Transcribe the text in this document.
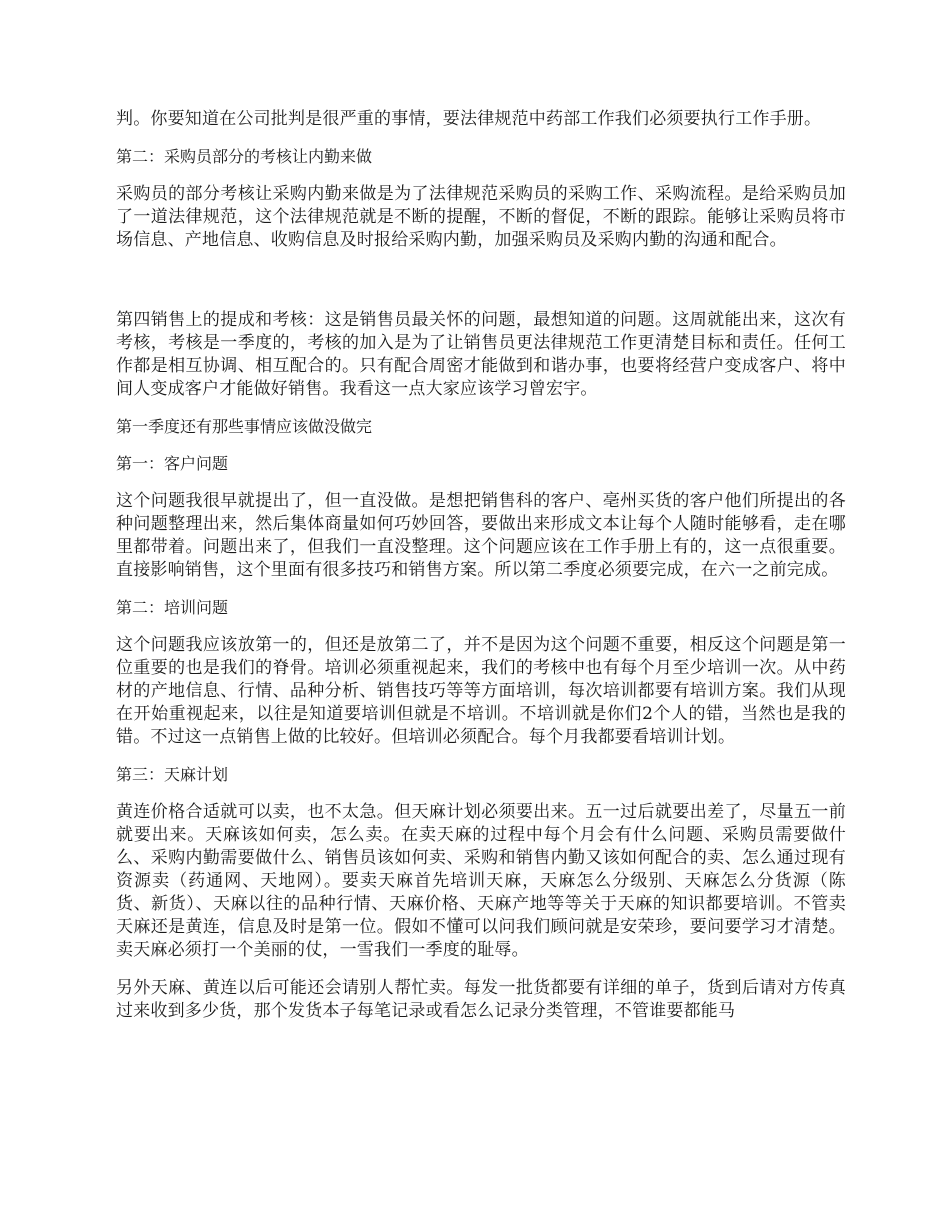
判。你要知道在公司批判是很严重的事情，要法律规范中药部工作我们必须要执行工作手册。

第二：采购员部分的考核让内勤来做

采购员的部分考核让采购内勤来做是为了法律规范采购员的采购工作、采购流程。是给采购员加了一道法律规范，这个法律规范就是不断的提醒，不断的督促，不断的跟踪。能够让采购员将市场信息、产地信息、收购信息及时报给采购内勤，加强采购员及采购内勤的沟通和配合。

第四销售上的提成和考核：这是销售员最关怀的问题，最想知道的问题。这周就能出来，这次有考核，考核是一季度的，考核的加入是为了让销售员更法律规范工作更清楚目标和责任。任何工作都是相互协调、相互配合的。只有配合周密才能做到和谐办事，也要将经营户变成客户、将中间人变成客户才能做好销售。我看这一点大家应该学习曾宏宇。

第一季度还有那些事情应该做没做完

第一：客户问题

这个问题我很早就提出了，但一直没做。是想把销售科的客户、亳州买货的客户他们所提出的各种问题整理出来，然后集体商量如何巧妙回答，要做出来形成文本让每个人随时能够看，走在哪里都带着。问题出来了，但我们一直没整理。这个问题应该在工作手册上有的，这一点很重要。直接影响销售，这个里面有很多技巧和销售方案。所以第二季度必须要完成，在六一之前完成。

第二：培训问题

这个问题我应该放第一的，但还是放第二了，并不是因为这个问题不重要，相反这个问题是第一位重要的也是我们的脊骨。培训必须重视起来，我们的考核中也有每个月至少培训一次。从中药材的产地信息、行情、品种分析、销售技巧等等方面培训，每次培训都要有培训方案。我们从现在开始重视起来，以往是知道要培训但就是不培训。不培训就是你们2个人的错，当然也是我的错。不过这一点销售上做的比较好。但培训必须配合。每个月我都要看培训计划。

第三：天麻计划

黄连价格合适就可以卖，也不太急。但天麻计划必须要出来。五一过后就要出差了，尽量五一前就要出来。天麻该如何卖，怎么卖。在卖天麻的过程中每个月会有什么问题、采购员需要做什么、采购内勤需要做什么、销售员该如何卖、采购和销售内勤又该如何配合的卖、怎么通过现有资源卖（药通网、天地网）。要卖天麻首先培训天麻，天麻怎么分级别、天麻怎么分货源（陈货、新货）、天麻以往的品种行情、天麻价格、天麻产地等等关于天麻的知识都要培训。不管卖天麻还是黄连，信息及时是第一位。假如不懂可以问我们顾问就是安荣珍，要问要学习才清楚。卖天麻必须打一个美丽的仗，一雪我们一季度的耻辱。

另外天麻、黄连以后可能还会请别人帮忙卖。每发一批货都要有详细的单子，货到后请对方传真过来收到多少货，那个发货本子每笔记录或看怎么记录分类管理，不管谁要都能马
